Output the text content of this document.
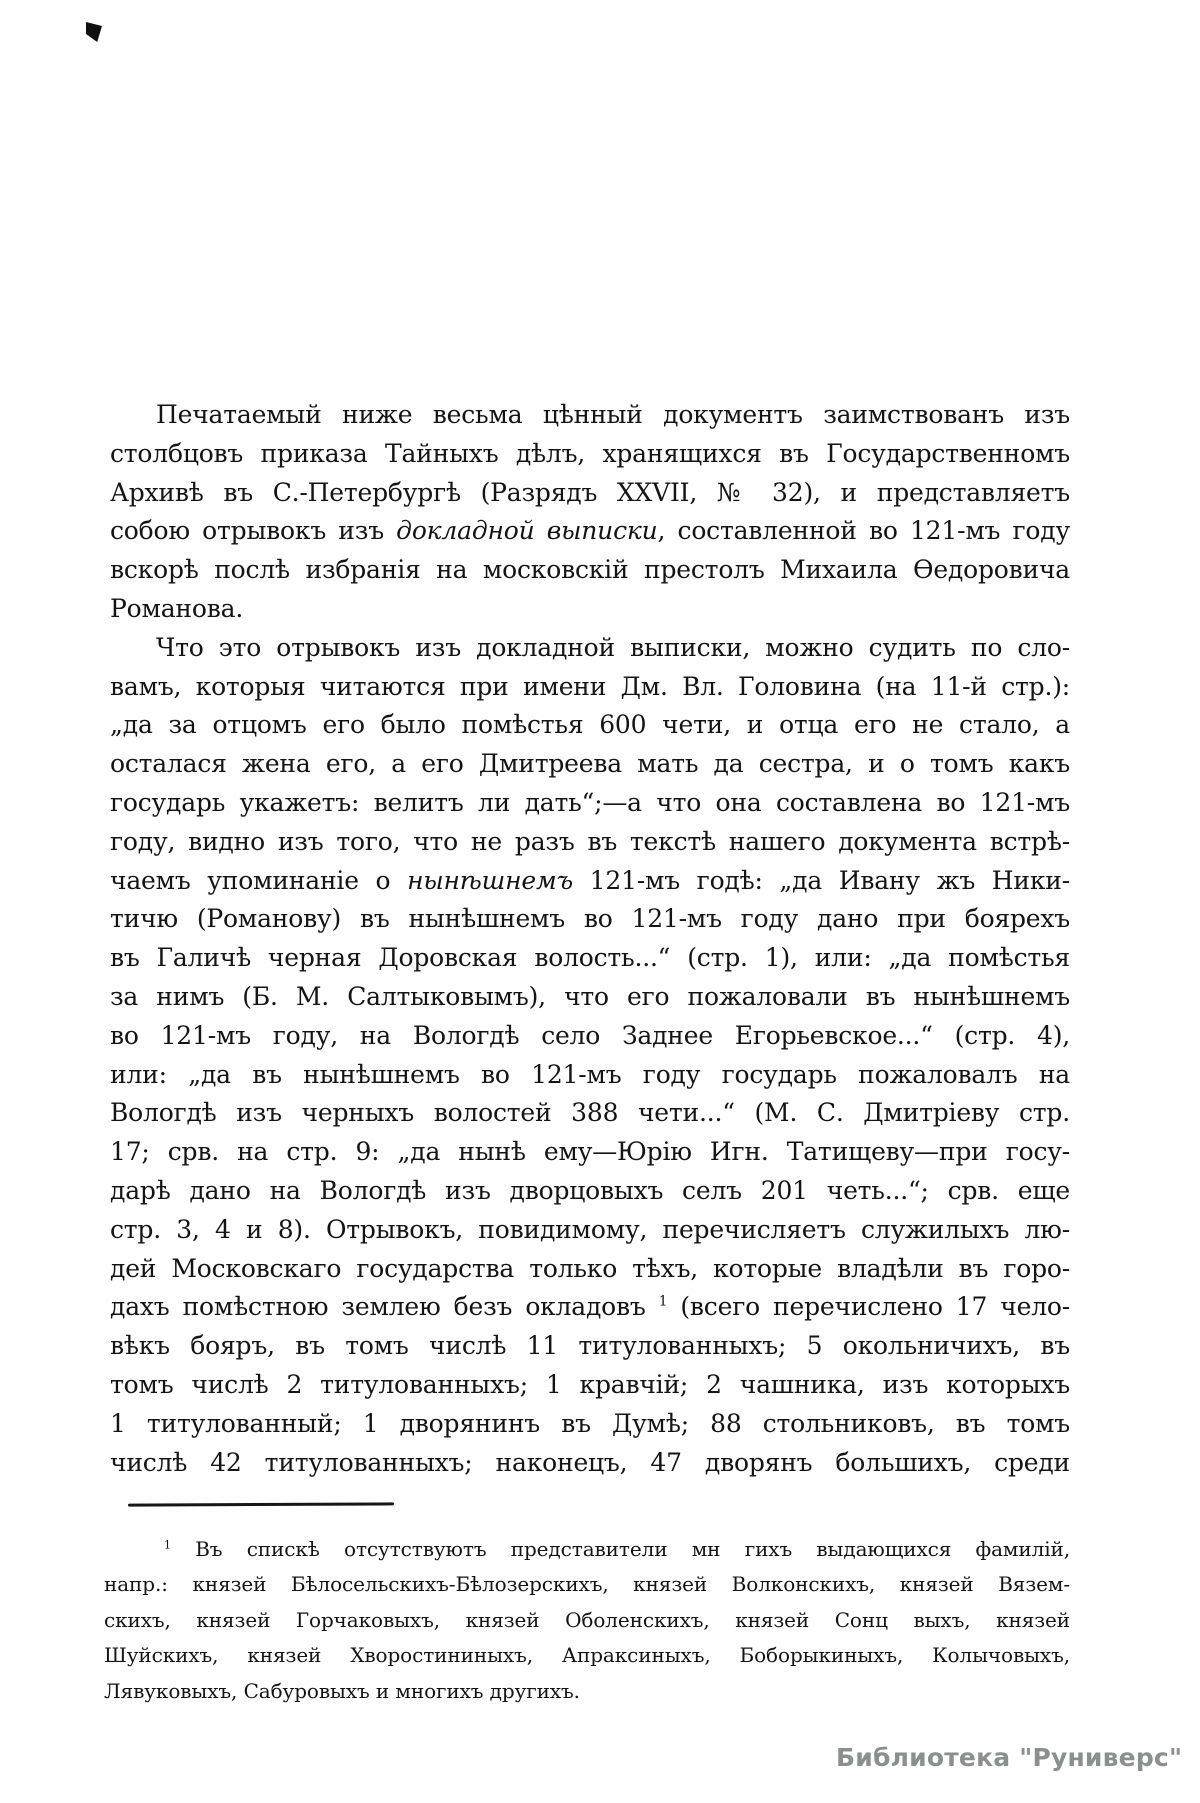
Печатаемый ниже весьма цѣнный документъ заимствованъ изъ
столбцовъ приказа Тайныхъ дѣлъ, хранящихся въ Государственномъ
Архивѣ въ С.-Петербургѣ (Разрядъ XXVII, № 32), и представляетъ
собою отрывокъ изъ докладной выписки, составленной во 121-мъ году
вскорѣ послѣ избранія на московскій престолъ Михаила Ѳедоровича
Романова.
Что это отрывокъ изъ докладной выписки, можно судить по сло-
вамъ, которыя читаются при имени Дм. Вл. Головина (на 11-й стр.):
„да за отцомъ его было помѣстья 600 чети, и отца его не стало, а
осталася жена его, а его Дмитреева мать да сестра, и о томъ какъ
государь укажетъ: велитъ ли дать“;—а что она составлена во 121-мъ
году, видно изъ того, что не разъ въ текстѣ нашего документа встрѣ-
чаемъ упоминаніе о нынѣшнемъ 121-мъ годѣ: „да Ивану жъ Ники-
тичю (Романову) въ нынѣшнемъ во 121-мъ году дано при боярехъ
въ Галичѣ черная Доровская волость...“ (стр. 1), или: „да помѣстья
за нимъ (Б. М. Салтыковымъ), что его пожаловали въ нынѣшнемъ
во 121-мъ году, на Вологдѣ село Заднее Егорьевское...“ (стр. 4),
или: „да въ нынѣшнемъ во 121-мъ году государь пожаловалъ на
Вологдѣ изъ черныхъ волостей 388 чети...“ (М. С. Дмитріеву стр.
17; срв. на стр. 9: „да нынѣ ему—Юрію Игн. Татищеву—при госу-
дарѣ дано на Вологдѣ изъ дворцовыхъ селъ 201 четь...“; срв. еще
стр. 3, 4 и 8). Отрывокъ, повидимому, перечисляетъ служилыхъ лю-
дей Московскаго государства только тѣхъ, которые владѣли въ горо-
дахъ помѣстною землею безъ окладовъ $^1$ (всего перечислено 17 чело-
вѣкъ бояръ, въ томъ числѣ 11 титулованныхъ; 5 окольничихъ, въ
томъ числѣ 2 титулованныхъ; 1 кравчій; 2 чашника, изъ которыхъ
1 титулованный; 1 дворянинъ въ Думѣ; 88 стольниковъ, въ томъ
числѣ 42 титулованныхъ; наконецъ, 47 дворянъ большихъ, среди
$^1$ Въ спискѣ отсутствуютъ представители мн гихъ выдающихся фамилій,
напр.: князей Бѣлосельскихъ-Бѣлозерскихъ, князей Волконскихъ, князей Вязем-
скихъ, князей Горчаковыхъ, князей Оболенскихъ, князей Сонц выхъ, князей
Шуйскихъ, князей Хворостининыхъ, Апраксиныхъ, Боборыкиныхъ, Колычовыхъ,
Лявуковыхъ, Сабуровыхъ и многихъ другихъ.
Библиотека "Руниверс"
